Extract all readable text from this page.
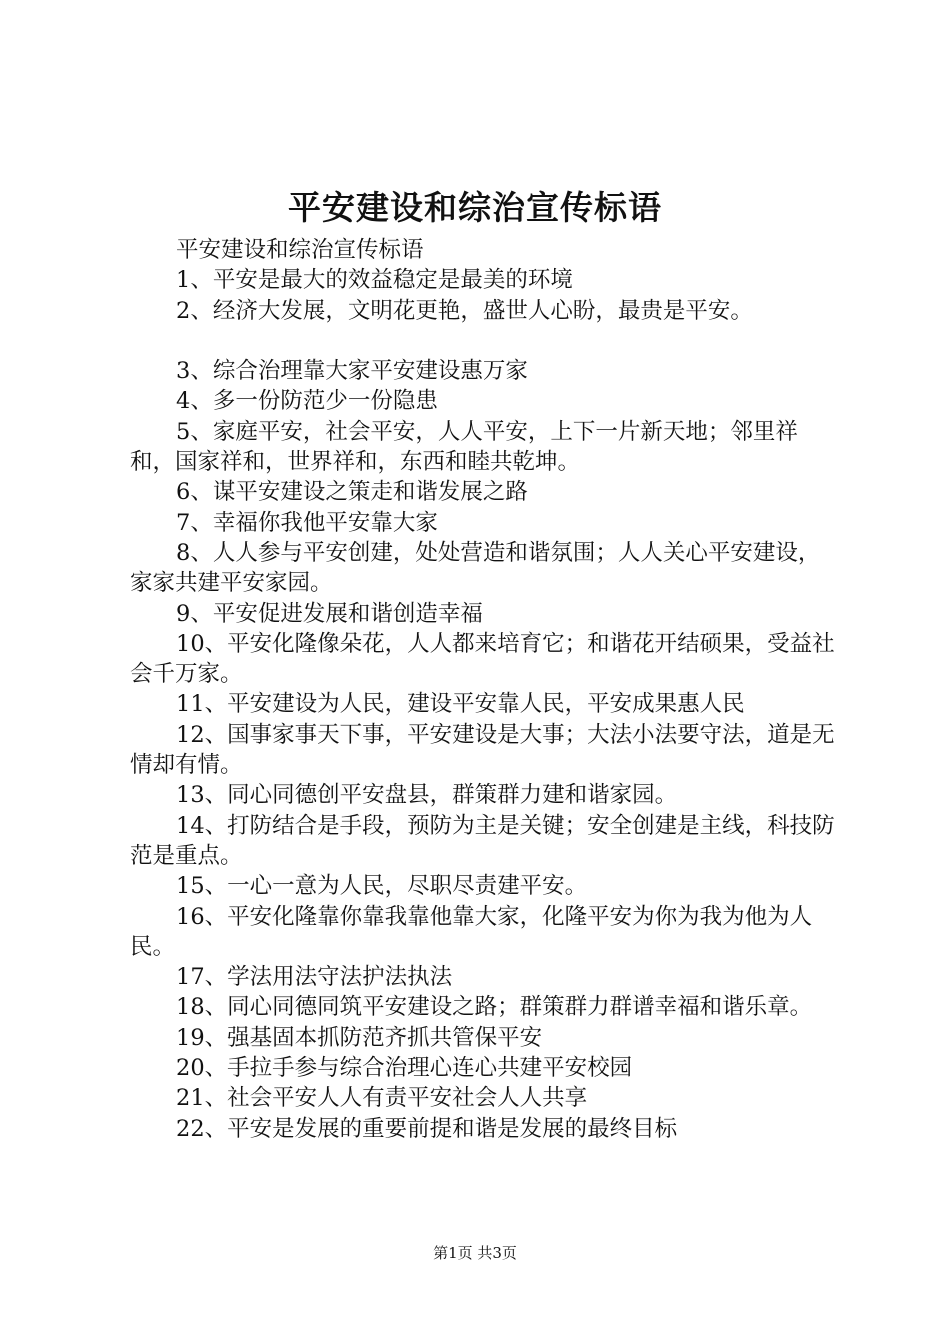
平安建设和综治宣传标语

平安建设和综治宣传标语

1、平安是最大的效益稳定是最美的环境

2、经济大发展，文明花更艳，盛世人心盼，最贵是平安。

3、综合治理靠大家平安建设惠万家

4、多一份防范少一份隐患

5、家庭平安，社会平安，人人平安，上下一片新天地；邻里祥和，国家祥和，世界祥和，东西和睦共乾坤。

6、谋平安建设之策走和谐发展之路

7、幸福你我他平安靠大家

8、人人参与平安创建，处处营造和谐氛围；人人关心平安建设，家家共建平安家园。

9、平安促进发展和谐创造幸福

10、平安化隆像朵花，人人都来培育它；和谐花开结硕果，受益社会千万家。

11、平安建设为人民，建设平安靠人民，平安成果惠人民

12、国事家事天下事，平安建设是大事；大法小法要守法，道是无情却有情。

13、同心同德创平安盘县，群策群力建和谐家园。

14、打防结合是手段，预防为主是关键；安全创建是主线，科技防范是重点。

15、一心一意为人民，尽职尽责建平安。

16、平安化隆靠你靠我靠他靠大家，化隆平安为你为我为他为人民。

17、学法用法守法护法执法

18、同心同德同筑平安建设之路；群策群力群谱幸福和谐乐章。

19、强基固本抓防范齐抓共管保平安

20、手拉手参与综合治理心连心共建平安校园

21、社会平安人人有责平安社会人人共享

22、平安是发展的重要前提和谐是发展的最终目标

第1页 共3页
